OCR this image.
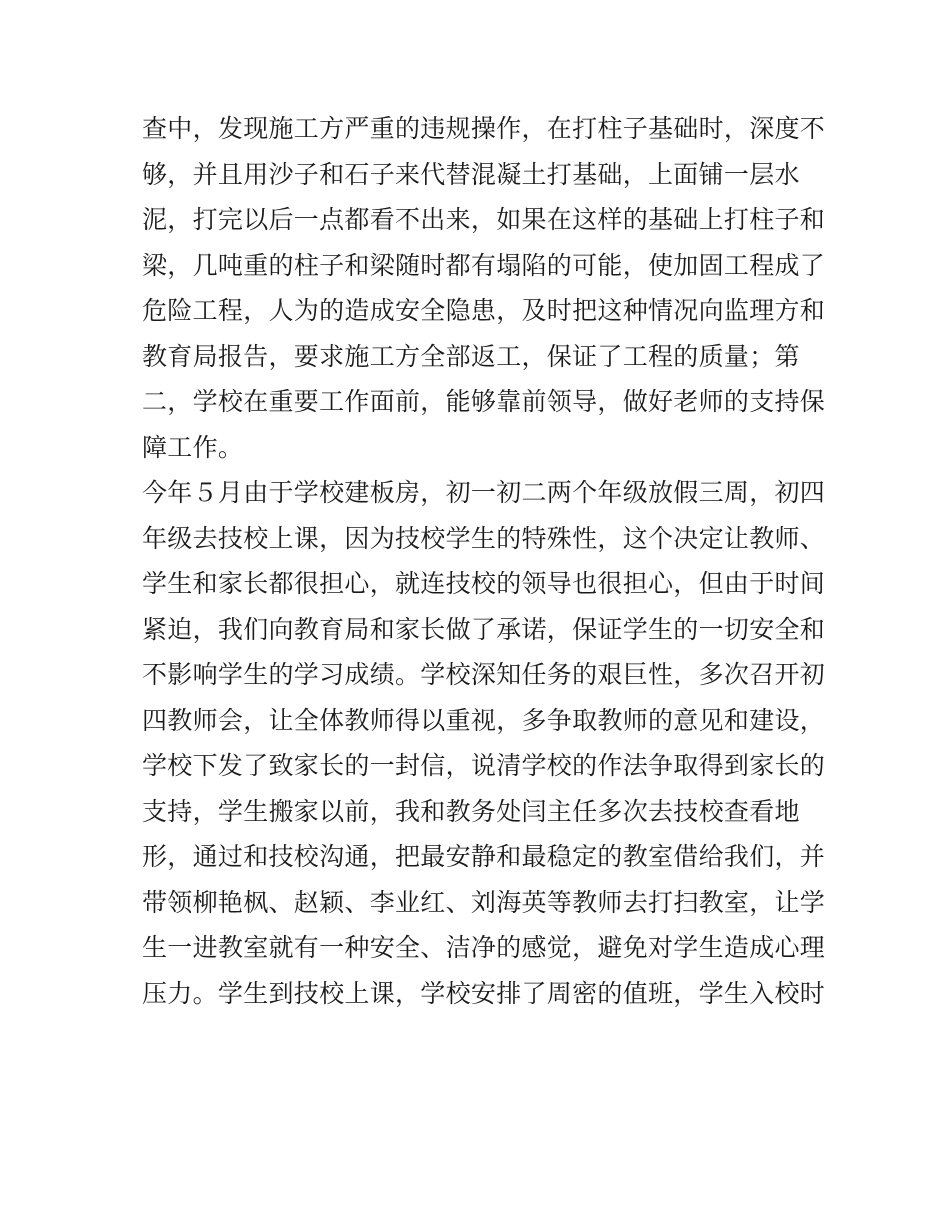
查中，发现施工方严重的违规操作，在打柱子基础时，深度不
够，并且用沙子和石子来代替混凝土打基础，上面铺一层水
泥，打完以后一点都看不出来，如果在这样的基础上打柱子和
梁，几吨重的柱子和梁随时都有塌陷的可能，使加固工程成了
危险工程，人为的造成安全隐患，及时把这种情况向监理方和
教育局报告，要求施工方全部返工，保证了工程的质量；第
二，学校在重要工作面前，能够靠前领导，做好老师的支持保
障工作。
今年５月由于学校建板房，初一初二两个年级放假三周，初四
年级去技校上课，因为技校学生的特殊性，这个决定让教师、
学生和家长都很担心，就连技校的领导也很担心，但由于时间
紧迫，我们向教育局和家长做了承诺，保证学生的一切安全和
不影响学生的学习成绩。学校深知任务的艰巨性，多次召开初
四教师会，让全体教师得以重视，多争取教师的意见和建设，
学校下发了致家长的一封信，说清学校的作法争取得到家长的
支持，学生搬家以前，我和教务处闫主任多次去技校查看地
形，通过和技校沟通，把最安静和最稳定的教室借给我们，并
带领柳艳枫、赵颖、李业红、刘海英等教师去打扫教室，让学
生一进教室就有一种安全、洁净的感觉，避免对学生造成心理
压力。学生到技校上课，学校安排了周密的值班，学生入校时
